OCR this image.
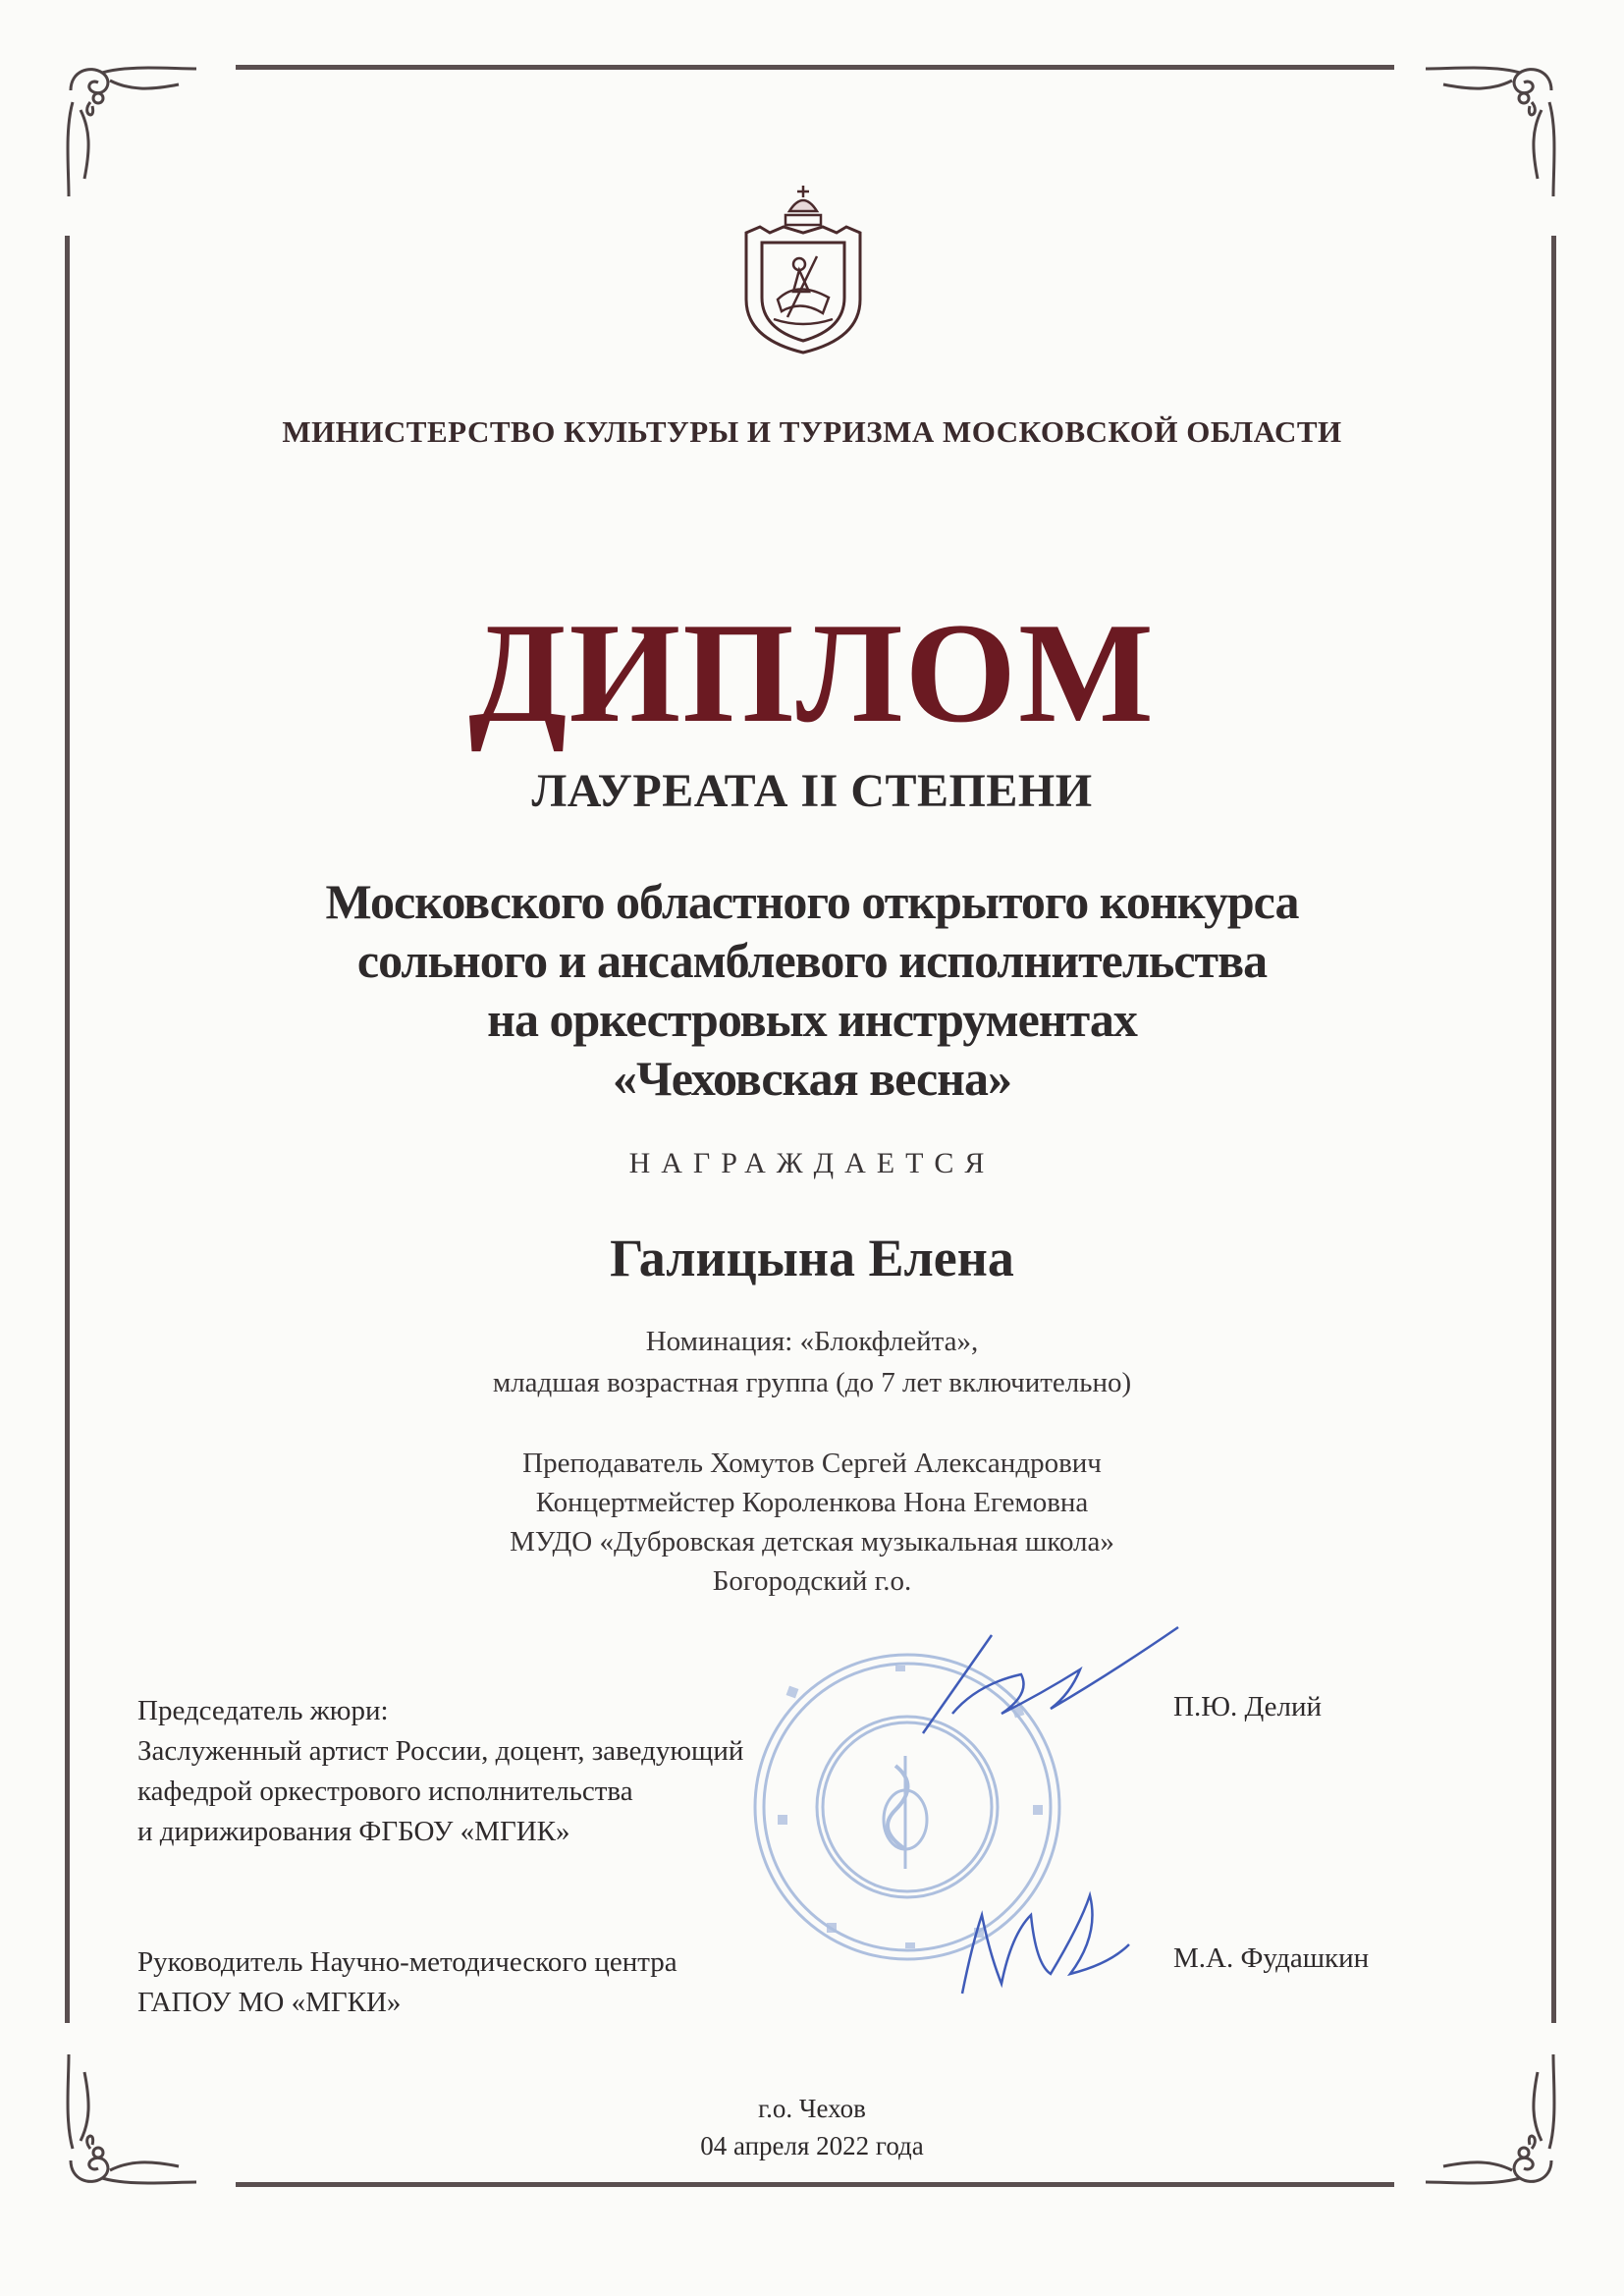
МИНИСТЕРСТВО КУЛЬТУРЫ И ТУРИЗМА МОСКОВСКОЙ ОБЛАСТИ
ДИПЛОМ
ЛАУРЕАТА II СТЕПЕНИ
Московского областного открытого конкурса
сольного и ансамблевого исполнительства
на оркестровых инструментах
«Чеховская весна»
НАГРАЖДАЕТСЯ
Галицына Елена
Номинация: «Блокфлейта»,
младшая возрастная группа (до 7 лет включительно)
Преподаватель Хомутов Сергей Александрович
Концертмейстер Короленкова Нона Егемовна
МУДО «Дубровская детская музыкальная школа»
Богородский г.о.
Председатель жюри:
Заслуженный артист России, доцент, заведующий
кафедрой оркестрового исполнительства
и дирижирования ФГБОУ «МГИК»
П.Ю. Делий
Руководитель Научно-методического центра
ГАПОУ МО «МГКИ»
М.А. Фудашкин
г.о. Чехов
04 апреля 2022 года
